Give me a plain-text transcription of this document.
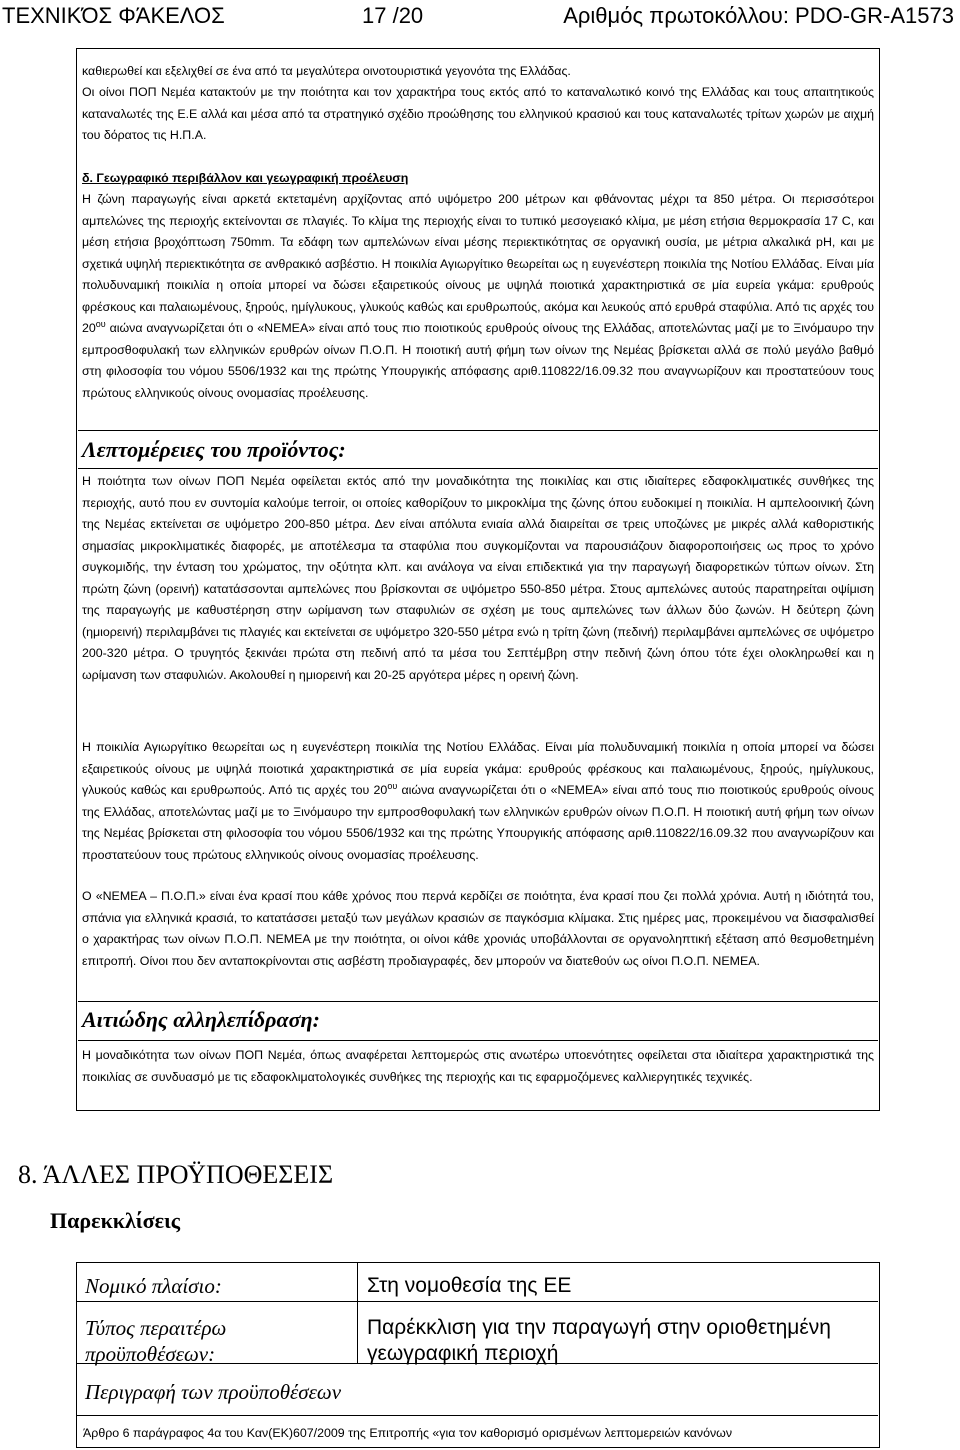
ΤΕΧΝΙΚΌΣ ΦΆΚΕΛΟΣ	17 /20	Αριθμός πρωτοκόλλου: PDO-GR-A1573

καθιερωθεί και εξελιχθεί σε ένα από τα μεγαλύτερα οινοτουριστικά γεγονότα της Ελλάδας.

Οι οίνοι ΠΟΠ Νεμέα κατακτούν με την ποιότητα και τον χαρακτήρα τους εκτός από το καταναλωτικό κοινό της Ελλάδας και τους απαιτητικούς καταναλωτές της Ε.Ε αλλά και μέσα από τα στρατηγικό σχέδιο προώθησης του ελληνικού κρασιού και τους καταναλωτές τρίτων χωρών με αιχμή του δόρατος τις Η.Π.Α.

δ. Γεωγραφικό περιβάλλον και γεωγραφική προέλευση

Η ζώνη παραγωγής είναι αρκετά εκτεταμένη αρχίζοντας από υψόμετρο 200 μέτρων και φθάνοντας μέχρι τα 850 μέτρα. Οι περισσότεροι αμπελώνες της περιοχής εκτείνονται σε πλαγιές. Το κλίμα της περιοχής είναι το τυπικό μεσογειακό κλίμα, με μέση ετήσια θερμοκρασία 17 C, και μέση ετήσια βροχόπτωση 750mm. Τα εδάφη των αμπελώνων είναι μέσης περιεκτικότητας σε οργανική ουσία, με μέτρια αλκαλικά pH, και με σχετικά υψηλή περιεκτικότητα σε ανθρακικό ασβέστιο. Η ποικιλία Αγιωργίτικο θεωρείται ως η ευγενέστερη ποικιλία της Νοτίου Ελλάδας. Είναι μία πολυδυναμική ποικιλία η οποία μπορεί να δώσει εξαιρετικούς οίνους με υψηλά ποιοτικά χαρακτηριστικά σε μία ευρεία γκάμα: ερυθρούς φρέσκους και παλαιωμένους, ξηρούς, ημίγλυκους, γλυκούς καθώς και ερυθρωπούς, ακόμα και λευκούς από ερυθρά σταφύλια. Από τις αρχές του $20^{o\upsilon}$ αιώνα αναγνωρίζεται ότι ο «ΝΕΜΕΑ» είναι από τους πιο ποιοτικούς ερυθρούς οίνους της Ελλάδας, αποτελώντας μαζί με το Ξινόμαυρο την εμπροσθοφυλακή των ελληνικών ερυθρών οίνων Π.Ο.Π. Η ποιοτική αυτή φήμη των οίνων της Νεμέας βρίσκεται αλλά σε πολύ μεγάλο βαθμό στη φιλοσοφία του νόμου 5506/1932 και της πρώτης Υπουργικής απόφασης αριθ.110822/16.09.32 που αναγνωρίζουν και προστατεύουν τους πρώτους ελληνικούς οίνους ονομασίας προέλευσης.

Λεπτομέρειες του προϊόντος:

Η ποιότητα των οίνων ΠΟΠ Νεμέα οφείλεται εκτός από την μοναδικότητα της ποικιλίας και στις ιδιαίτερες εδαφοκλιματικές συνθήκες της περιοχής, αυτό που εν συντομία καλούμε terroir, οι οποίες καθορίζουν το μικροκλίμα της ζώνης όπου ευδοκιμεί η ποικιλία. Η αμπελοοινική ζώνη της Νεμέας εκτείνεται σε υψόμετρο 200-850 μέτρα. Δεν είναι απόλυτα ενιαία αλλά διαιρείται σε τρεις υποζώνες με μικρές αλλά καθοριστικής σημασίας μικροκλιματικές διαφορές, με αποτέλεσμα τα σταφύλια που συγκομίζονται να παρουσιάζουν διαφοροποιήσεις ως προς το χρόνο συγκομιδής, την ένταση του χρώματος, την οξύτητα κλπ. και ανάλογα να είναι επιδεκτικά για την παραγωγή διαφορετικών τύπων οίνων. Στη πρώτη ζώνη (ορεινή) κατατάσσονται αμπελώνες που βρίσκονται σε υψόμετρο 550-850 μέτρα. Στους αμπελώνες αυτούς παρατηρείται οψίμιση της παραγωγής με καθυστέρηση στην ωρίμανση των σταφυλιών σε σχέση με τους αμπελώνες των άλλων δύο ζωνών. Η δεύτερη ζώνη (ημιορεινή) περιλαμβάνει τις πλαγιές και εκτείνεται σε υψόμετρο 320-550 μέτρα ενώ η τρίτη ζώνη (πεδινή) περιλαμβάνει αμπελώνες σε υψόμετρο 200-320 μέτρα. Ο τρυγητός ξεκινάει πρώτα στη πεδινή από τα μέσα του Σεπτέμβρη στην πεδινή ζώνη όπου τότε έχει ολοκληρωθεί και η ωρίμανση των σταφυλιών. Ακολουθεί η ημιορεινή και 20-25 αργότερα μέρες η ορεινή ζώνη.

Η ποικιλία Αγιωργίτικο θεωρείται ως η ευγενέστερη ποικιλία της Νοτίου Ελλάδας. Είναι μία πολυδυναμική ποικιλία η οποία μπορεί να δώσει εξαιρετικούς οίνους με υψηλά ποιοτικά χαρακτηριστικά σε μία ευρεία γκάμα: ερυθρούς φρέσκους και παλαιωμένους, ξηρούς, ημίγλυκους, γλυκούς καθώς και ερυθρωπούς. Από τις αρχές του $20^{o\upsilon}$ αιώνα αναγνωρίζεται ότι ο «ΝΕΜΕΑ» είναι από τους πιο ποιοτικούς ερυθρούς οίνους της Ελλάδας, αποτελώντας μαζί με το Ξινόμαυρο την εμπροσθοφυλακή των ελληνικών ερυθρών οίνων Π.Ο.Π. Η ποιοτική αυτή φήμη των οίνων της Νεμέας βρίσκεται στη φιλοσοφία του νόμου 5506/1932 και της πρώτης Υπουργικής απόφασης αριθ.110822/16.09.32 που αναγνωρίζουν και προστατεύουν τους πρώτους ελληνικούς οίνους ονομασίας προέλευσης.

Ο «ΝΕΜΕΑ – Π.Ο.Π.» είναι ένα κρασί που κάθε χρόνος που περνά κερδίζει σε ποιότητα, ένα κρασί που ζει πολλά χρόνια. Αυτή η ιδιότητά του, σπάνια για ελληνικά κρασιά, το κατατάσσει μεταξύ των μεγάλων κρασιών σε παγκόσμια κλίμακα. Στις ημέρες μας, προκειμένου να διασφαλισθεί ο χαρακτήρας των οίνων Π.Ο.Π. ΝΕΜΕΑ με την ποιότητα, οι οίνοι κάθε χρονιάς υποβάλλονται σε οργανοληπτική εξέταση από θεσμοθετημένη επιτροπή. Οίνοι που δεν ανταποκρίνονται στις ασβέστη προδιαγραφές, δεν μπορούν να διατεθούν ως οίνοι Π.Ο.Π. ΝΕΜΕΑ.

Αιτιώδης αλληλεπίδραση:

Η μοναδικότητα των οίνων ΠΟΠ Νεμέα, όπως αναφέρεται λεπτομερώς στις ανωτέρω υποενότητες οφείλεται στα ιδιαίτερα χαρακτηριστικά της ποικιλίας σε συνδυασμό με τις εδαφοκλιματολογικές συνθήκες της περιοχής και τις εφαρμοζόμενες καλλιεργητικές τεχνικές.

8. ΆΛΛΕΣ ΠΡΟΫΠΟΘΕΣΕΙΣ
Παρεκκλίσεις
Νομικό πλαίσιο:	Στη νομοθεσία της ΕΕ
Τύπος περαιτέρω προϋποθέσεων:
Παρέκκλιση για την παραγωγή στην οριοθετημένη γεωγραφική περιοχή
Περιγραφή των προϋποθέσεων
Άρθρο 6 παράγραφος 4α του Καν(ΕΚ)607/2009 της Επιτροπής «για τον καθορισμό ορισμένων λεπτομερειών κανόνων
